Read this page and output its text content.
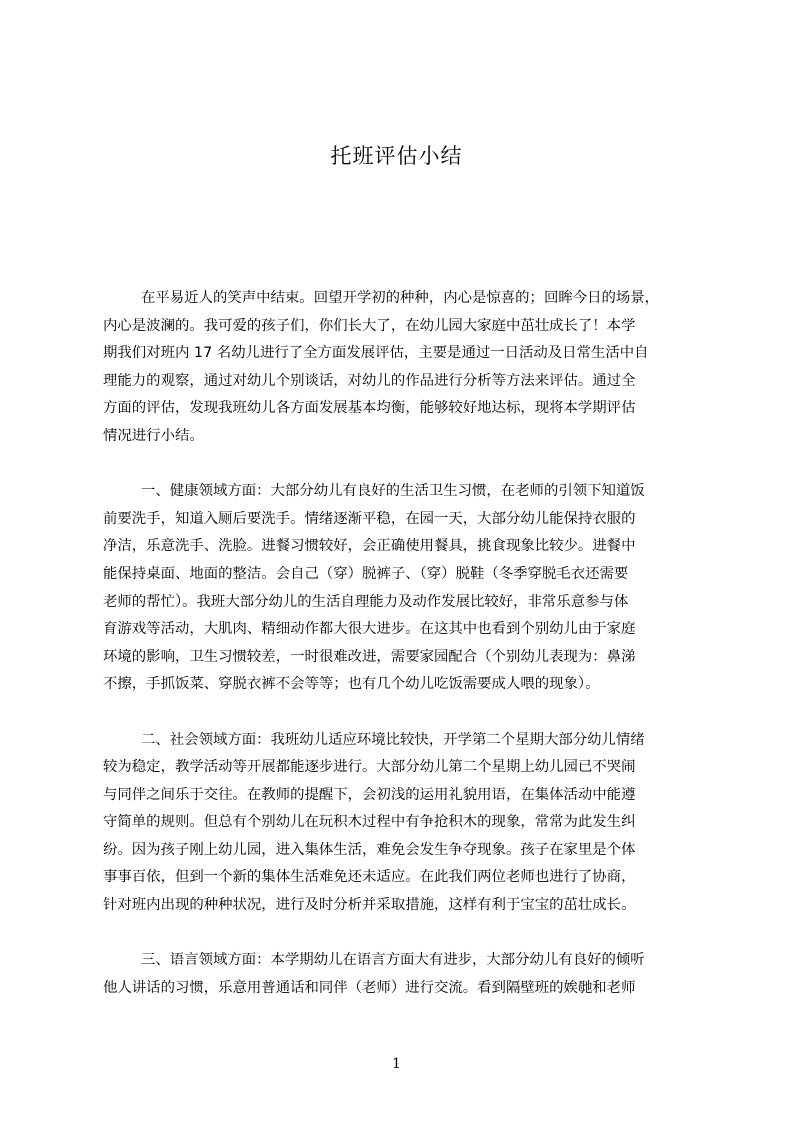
托班评估小结
在平易近人的笑声中结束。回望开学初的种种，内心是惊喜的；回眸今日的场景，
内心是波澜的。我可爱的孩子们，你们长大了，在幼儿园大家庭中茁壮成长了！本学
期我们对班内 17 名幼儿进行了全方面发展评估，主要是通过一日活动及日常生活中自
理能力的观察，通过对幼儿个别谈话，对幼儿的作品进行分析等方法来评估。通过全
方面的评估，发现我班幼儿各方面发展基本均衡，能够较好地达标，现将本学期评估
情况进行小结。
一、健康领域方面：大部分幼儿有良好的生活卫生习惯，在老师的引领下知道饭
前要洗手，知道入厕后要洗手。情绪逐渐平稳，在园一天，大部分幼儿能保持衣服的
净洁，乐意洗手、洗脸。进餐习惯较好，会正确使用餐具，挑食现象比较少。进餐中
能保持桌面、地面的整洁。会自己（穿）脱裤子、（穿）脱鞋（冬季穿脱毛衣还需要
老师的帮忙）。我班大部分幼儿的生活自理能力及动作发展比较好，非常乐意参与体
育游戏等活动，大肌肉、精细动作都大很大进步。在这其中也看到个别幼儿由于家庭
环境的影响，卫生习惯较差，一时很难改进，需要家园配合（个别幼儿表现为：鼻涕
不擦，手抓饭菜、穿脱衣裤不会等等；也有几个幼儿吃饭需要成人喂的现象）。
二、社会领域方面：我班幼儿适应环境比较快，开学第二个星期大部分幼儿情绪
较为稳定，教学活动等开展都能逐步进行。大部分幼儿第二个星期上幼儿园已不哭闹
与同伴之间乐于交往。在教师的提醒下，会初浅的运用礼貌用语，在集体活动中能遵
守简单的规则。但总有个别幼儿在玩积木过程中有争抢积木的现象，常常为此发生纠
纷。因为孩子刚上幼儿园，进入集体生活，难免会发生争夺现象。孩子在家里是个体
事事百依，但到一个新的集体生活难免还未适应。在此我们两位老师也进行了协商，
针对班内出现的种种状况，进行及时分析并采取措施，这样有利于宝宝的茁壮成长。
三、语言领域方面：本学期幼儿在语言方面大有进步，大部分幼儿有良好的倾听
他人讲话的习惯，乐意用普通话和同伴（老师）进行交流。看到隔壁班的娭毑和老师
1
